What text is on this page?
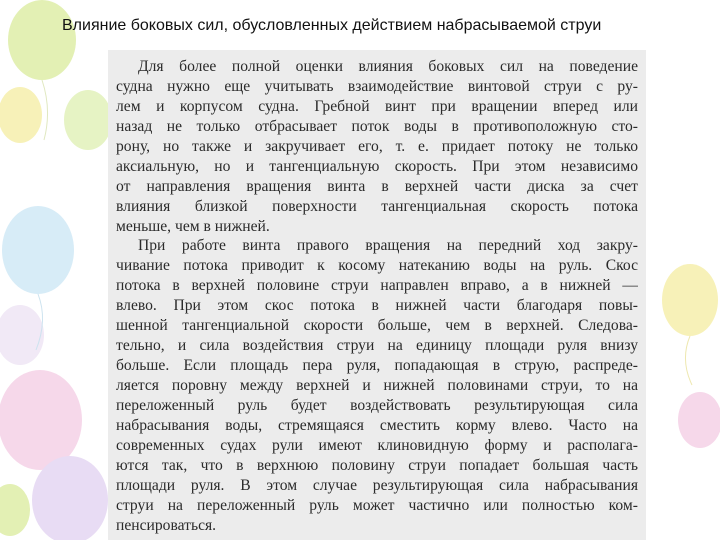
Влияние боковых сил, обусловленных действием набрасываемой струи
Для более полной оценки влияния боковых сил на поведение
судна нужно еще учитывать взаимодействие винтовой струи с ру-
лем и корпусом судна. Гребной винт при вращении вперед или
назад не только отбрасывает поток воды в противоположную сто-
рону, но также и закручивает его, т. е. придает потоку не только
аксиальную, но и тангенциальную скорость. При этом независимо
от направления вращения винта в верхней части диска за счет
влияния близкой поверхности тангенциальная скорость потока
меньше, чем в нижней.
При работе винта правого вращения на передний ход закру-
чивание потока приводит к косому натеканию воды на руль. Скос
потока в верхней половине струи направлен вправо, а в нижней —
влево. При этом скос потока в нижней части благодаря повы-
шенной тангенциальной скорости больше, чем в верхней. Следова-
тельно, и сила воздействия струи на единицу площади руля внизу
больше. Если площадь пера руля, попадающая в струю, распреде-
ляется поровну между верхней и нижней половинами струи, то на
переложенный руль будет воздействовать результирующая сила
набрасывания воды, стремящаяся сместить корму влево. Часто на
современных судах рули имеют клиновидную форму и располага-
ются так, что в верхнюю половину струи попадает большая часть
площади руля. В этом случае результирующая сила набрасывания
струи на переложенный руль может частично или полностью ком-
пенсироваться.
